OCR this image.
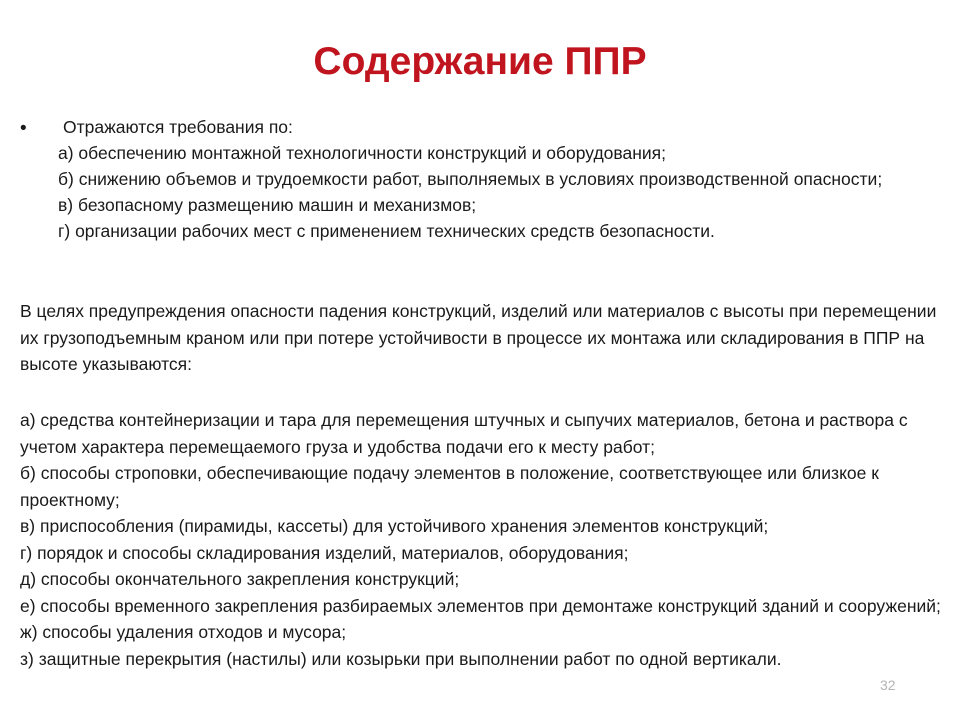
Содержание ППР
• Отражаются требования по:
а) обеспечению монтажной технологичности конструкций и оборудования;
б) снижению объемов и трудоемкости работ, выполняемых в условиях производственной опасности;
в) безопасному размещению машин и механизмов;
г) организации рабочих мест с применением технических средств безопасности.

В целях предупреждения опасности падения конструкций, изделий или материалов с высоты при перемещении их грузоподъемным краном или при потере устойчивости в процессе их монтажа или складирования в ППР на высоте указываются:

а) средства контейнеризации и тара для перемещения штучных и сыпучих материалов, бетона и раствора с учетом характера перемещаемого груза и удобства подачи его к месту работ;
б) способы строповки, обеспечивающие подачу элементов в положение, соответствующее или близкое к проектному;
в) приспособления (пирамиды, кассеты) для устойчивого хранения элементов конструкций;
г) порядок и способы складирования изделий, материалов, оборудования;
д) способы окончательного закрепления конструкций;
е) способы временного закрепления разбираемых элементов при демонтаже конструкций зданий и сооружений;
ж) способы удаления отходов и мусора;
з) защитные перекрытия (настилы) или козырьки при выполнении работ по одной вертикали.
32
